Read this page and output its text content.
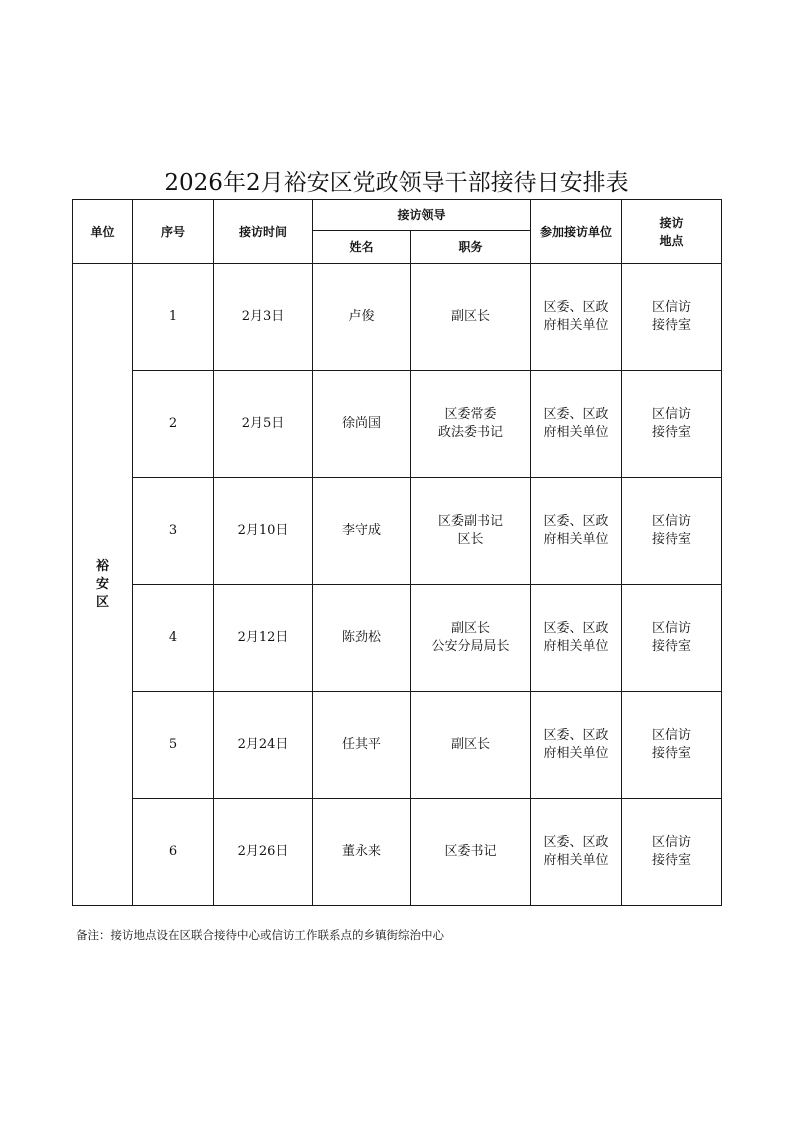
2026年2月裕安区党政领导干部接待日安排表
单位	序号	接访时间	接访领导		参加接访单位	接访
地点

			姓名	职务		

裕
安
区	1	2月3日	卢俊	副区长	区委、区政
府相关单位	区信访
接待室

	2	2月5日	徐尚国	区委常委
政法委书记	区委、区政
府相关单位	区信访
接待室

	3	2月10日	李守成	区委副书记
区长	区委、区政
府相关单位	区信访
接待室

	4	2月12日	陈劲松	副区长
公安分局局长	区委、区政
府相关单位	区信访
接待室

	5	2月24日	任其平	副区长	区委、区政
府相关单位	区信访
接待室

	6	2月26日	董永来	区委书记	区委、区政
府相关单位	区信访
接待室
备注：接访地点设在区联合接待中心或信访工作联系点的乡镇街综治中心
